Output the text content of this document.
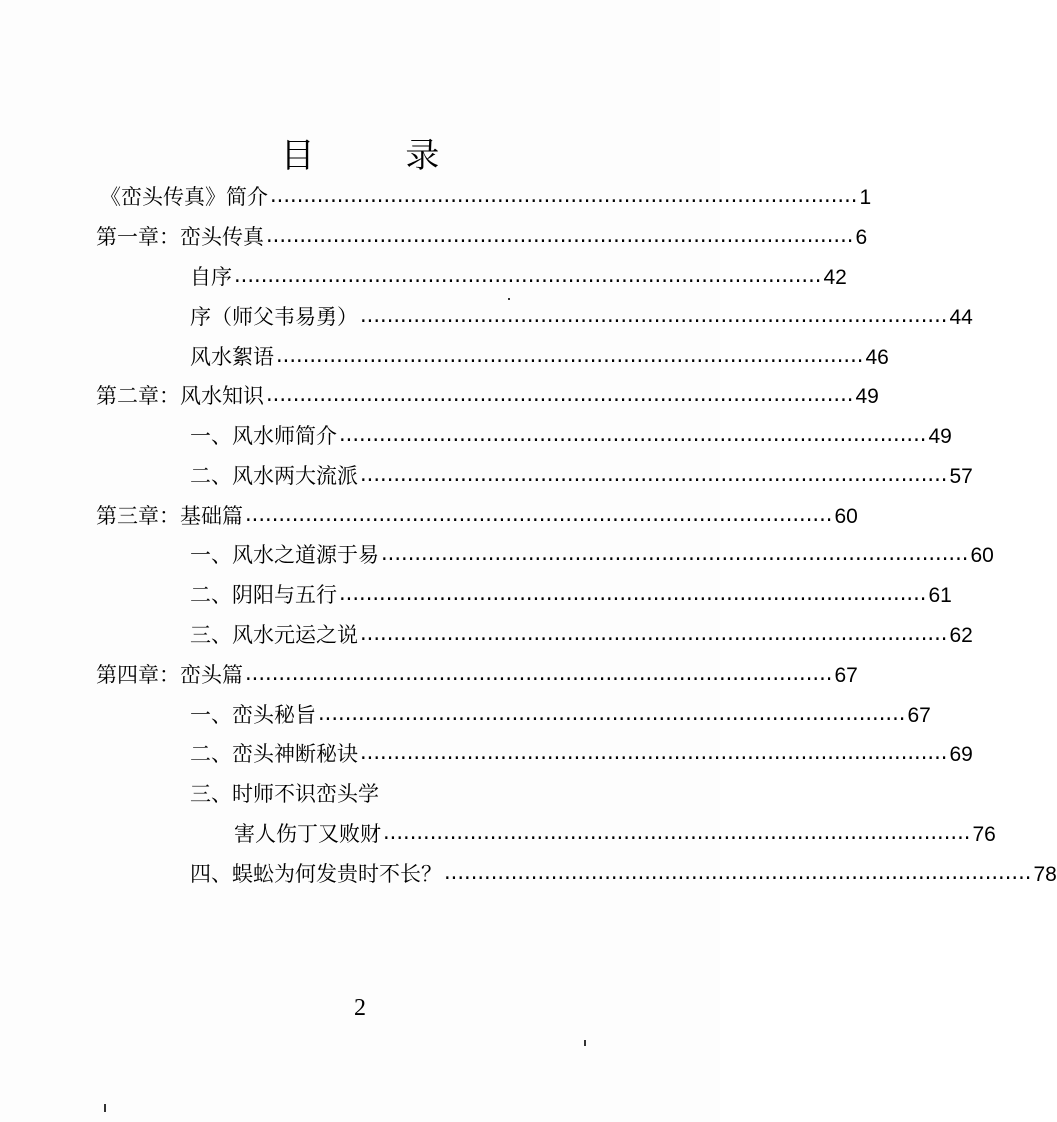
目	录
《峦头传真》简介 ························································································ 1
第一章：峦头传真 ························································································ 6
自序 ························································································ 42
序（师父韦易勇） ························································································ 44
风水絮语 ························································································ 46
第二章：风水知识 ························································································ 49
一、风水师简介 ························································································ 49
二、风水两大流派 ························································································ 57
第三章：基础篇 ························································································ 60
一、风水之道源于易 ························································································ 60
二、阴阳与五行 ························································································ 61
三、风水元运之说 ························································································ 62
第四章：峦头篇 ························································································ 67
一、峦头秘旨 ························································································ 67
二、峦头神断秘诀 ························································································ 69
三、时师不识峦头学
害人伤丁又败财 ························································································ 76
四、蜈蚣为何发贵时不长？ ························································································ 78
2
